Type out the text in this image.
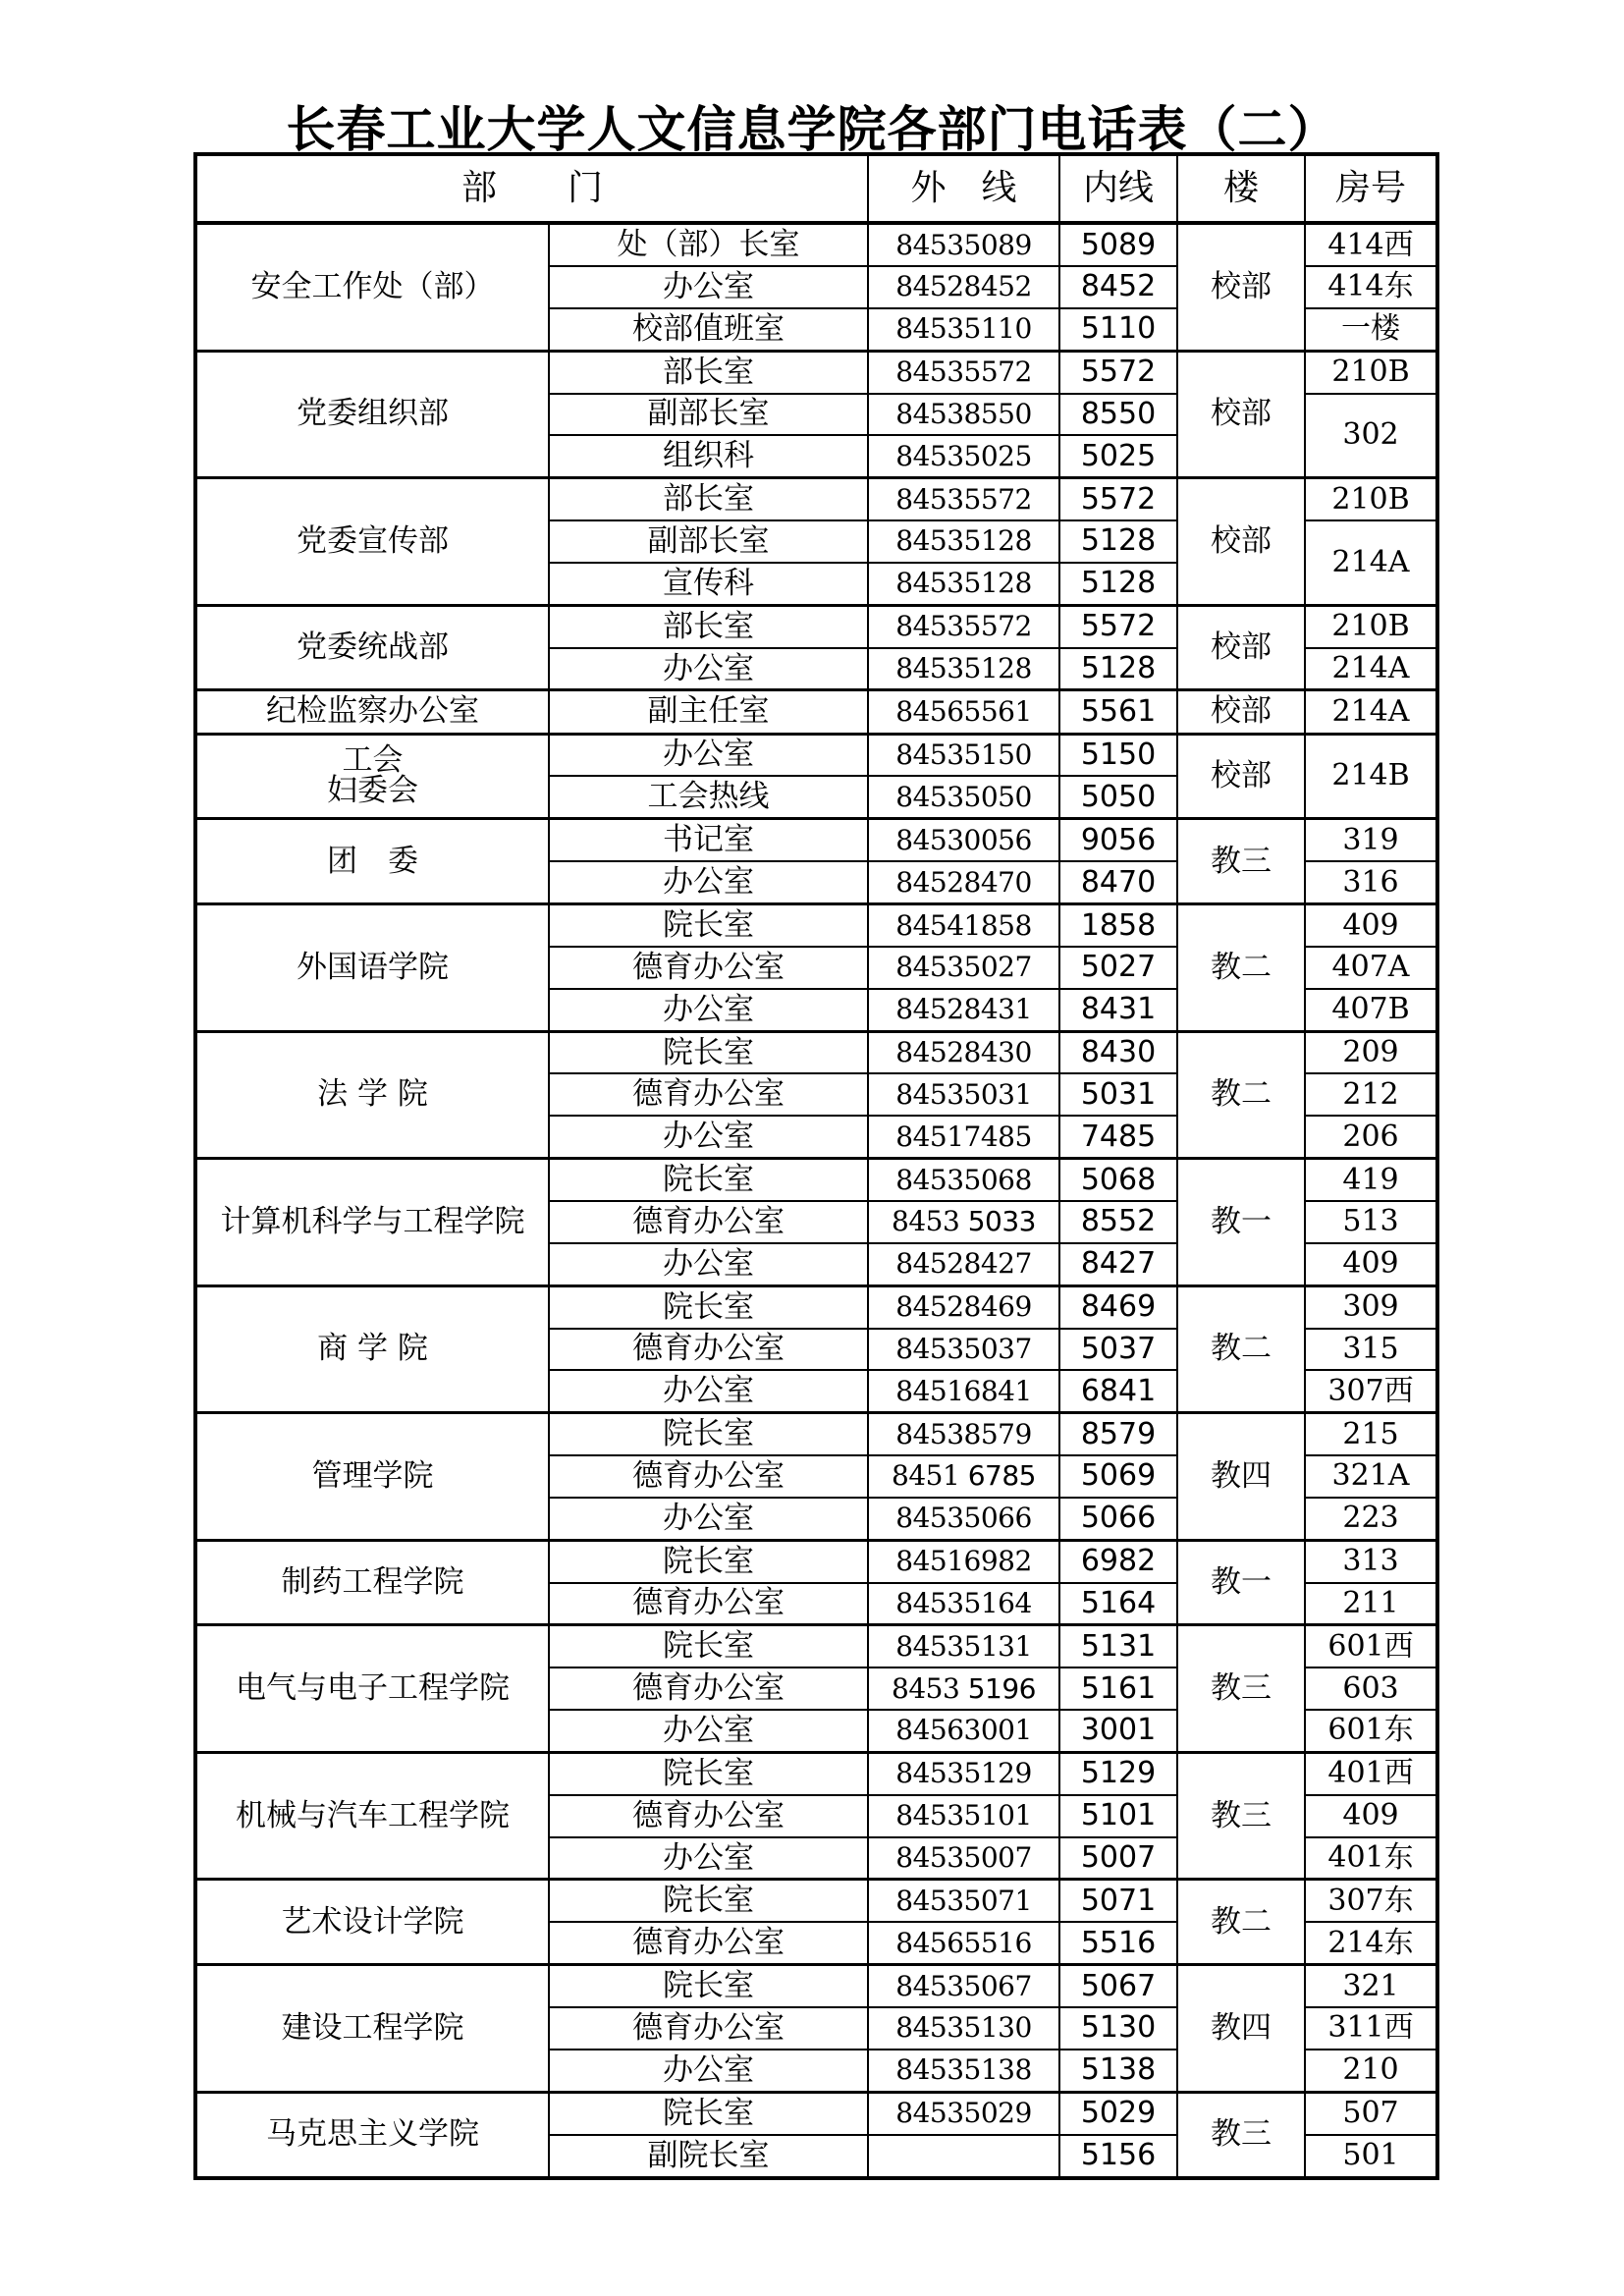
长春工业大学人文信息学院各部门电话表（二）
部　　门		外　线	内线	楼	房号
安全工作处（部）	处（部）长室	84535089	5089	校部	414西
	办公室	84528452	8452		414东
	校部值班室	84535110	5110		一楼
党委组织部	部长室	84535572	5572	校部	210B
	副部长室	84538550	8550		302
	组织科	84535025	5025		
党委宣传部	部长室	84535572	5572	校部	210B
	副部长室	84535128	5128		214A
	宣传科	84535128	5128		
党委统战部	部长室	84535572	5572	校部	210B
	办公室	84535128	5128		214A
纪检监察办公室	副主任室	84565561	5561	校部	214A

工会
妇委会	办公室	84535150	5150	校部	214B
	工会热线	84535050	5050		
团　委	书记室	84530056	9056	教三	319
	办公室	84528470	8470		316
外国语学院	院长室	84541858	1858	教二	409
	德育办公室	84535027	5027		407A
	办公室	84528431	8431		407B
法 学 院	院长室	84528430	8430	教二	209
	德育办公室	84535031	5031		212
	办公室	84517485	7485		206
计算机科学与工程学院	院长室	84535068	5068	教一	419
	德育办公室	8453 5033	8552		513
	办公室	84528427	8427		409
商 学 院	院长室	84528469	8469	教二	309
	德育办公室	84535037	5037		315
	办公室	84516841	6841		307西
管理学院	院长室	84538579	8579	教四	215
	德育办公室	8451 6785	5069		321A
	办公室	84535066	5066		223
制药工程学院	院长室	84516982	6982	教一	313
	德育办公室	84535164	5164		211
电气与电子工程学院	院长室	84535131	5131	教三	601西
	德育办公室	8453 5196	5161		603
	办公室	84563001	3001		601东
机械与汽车工程学院	院长室	84535129	5129	教三	401西
	德育办公室	84535101	5101		409
	办公室	84535007	5007		401东
艺术设计学院	院长室	84535071	5071	教二	307东
	德育办公室	84565516	5516		214东
建设工程学院	院长室	84535067	5067	教四	321
	德育办公室	84535130	5130		311西
	办公室	84535138	5138		210
马克思主义学院	院长室	84535029	5029	教三	507
	副院长室		5156		501
